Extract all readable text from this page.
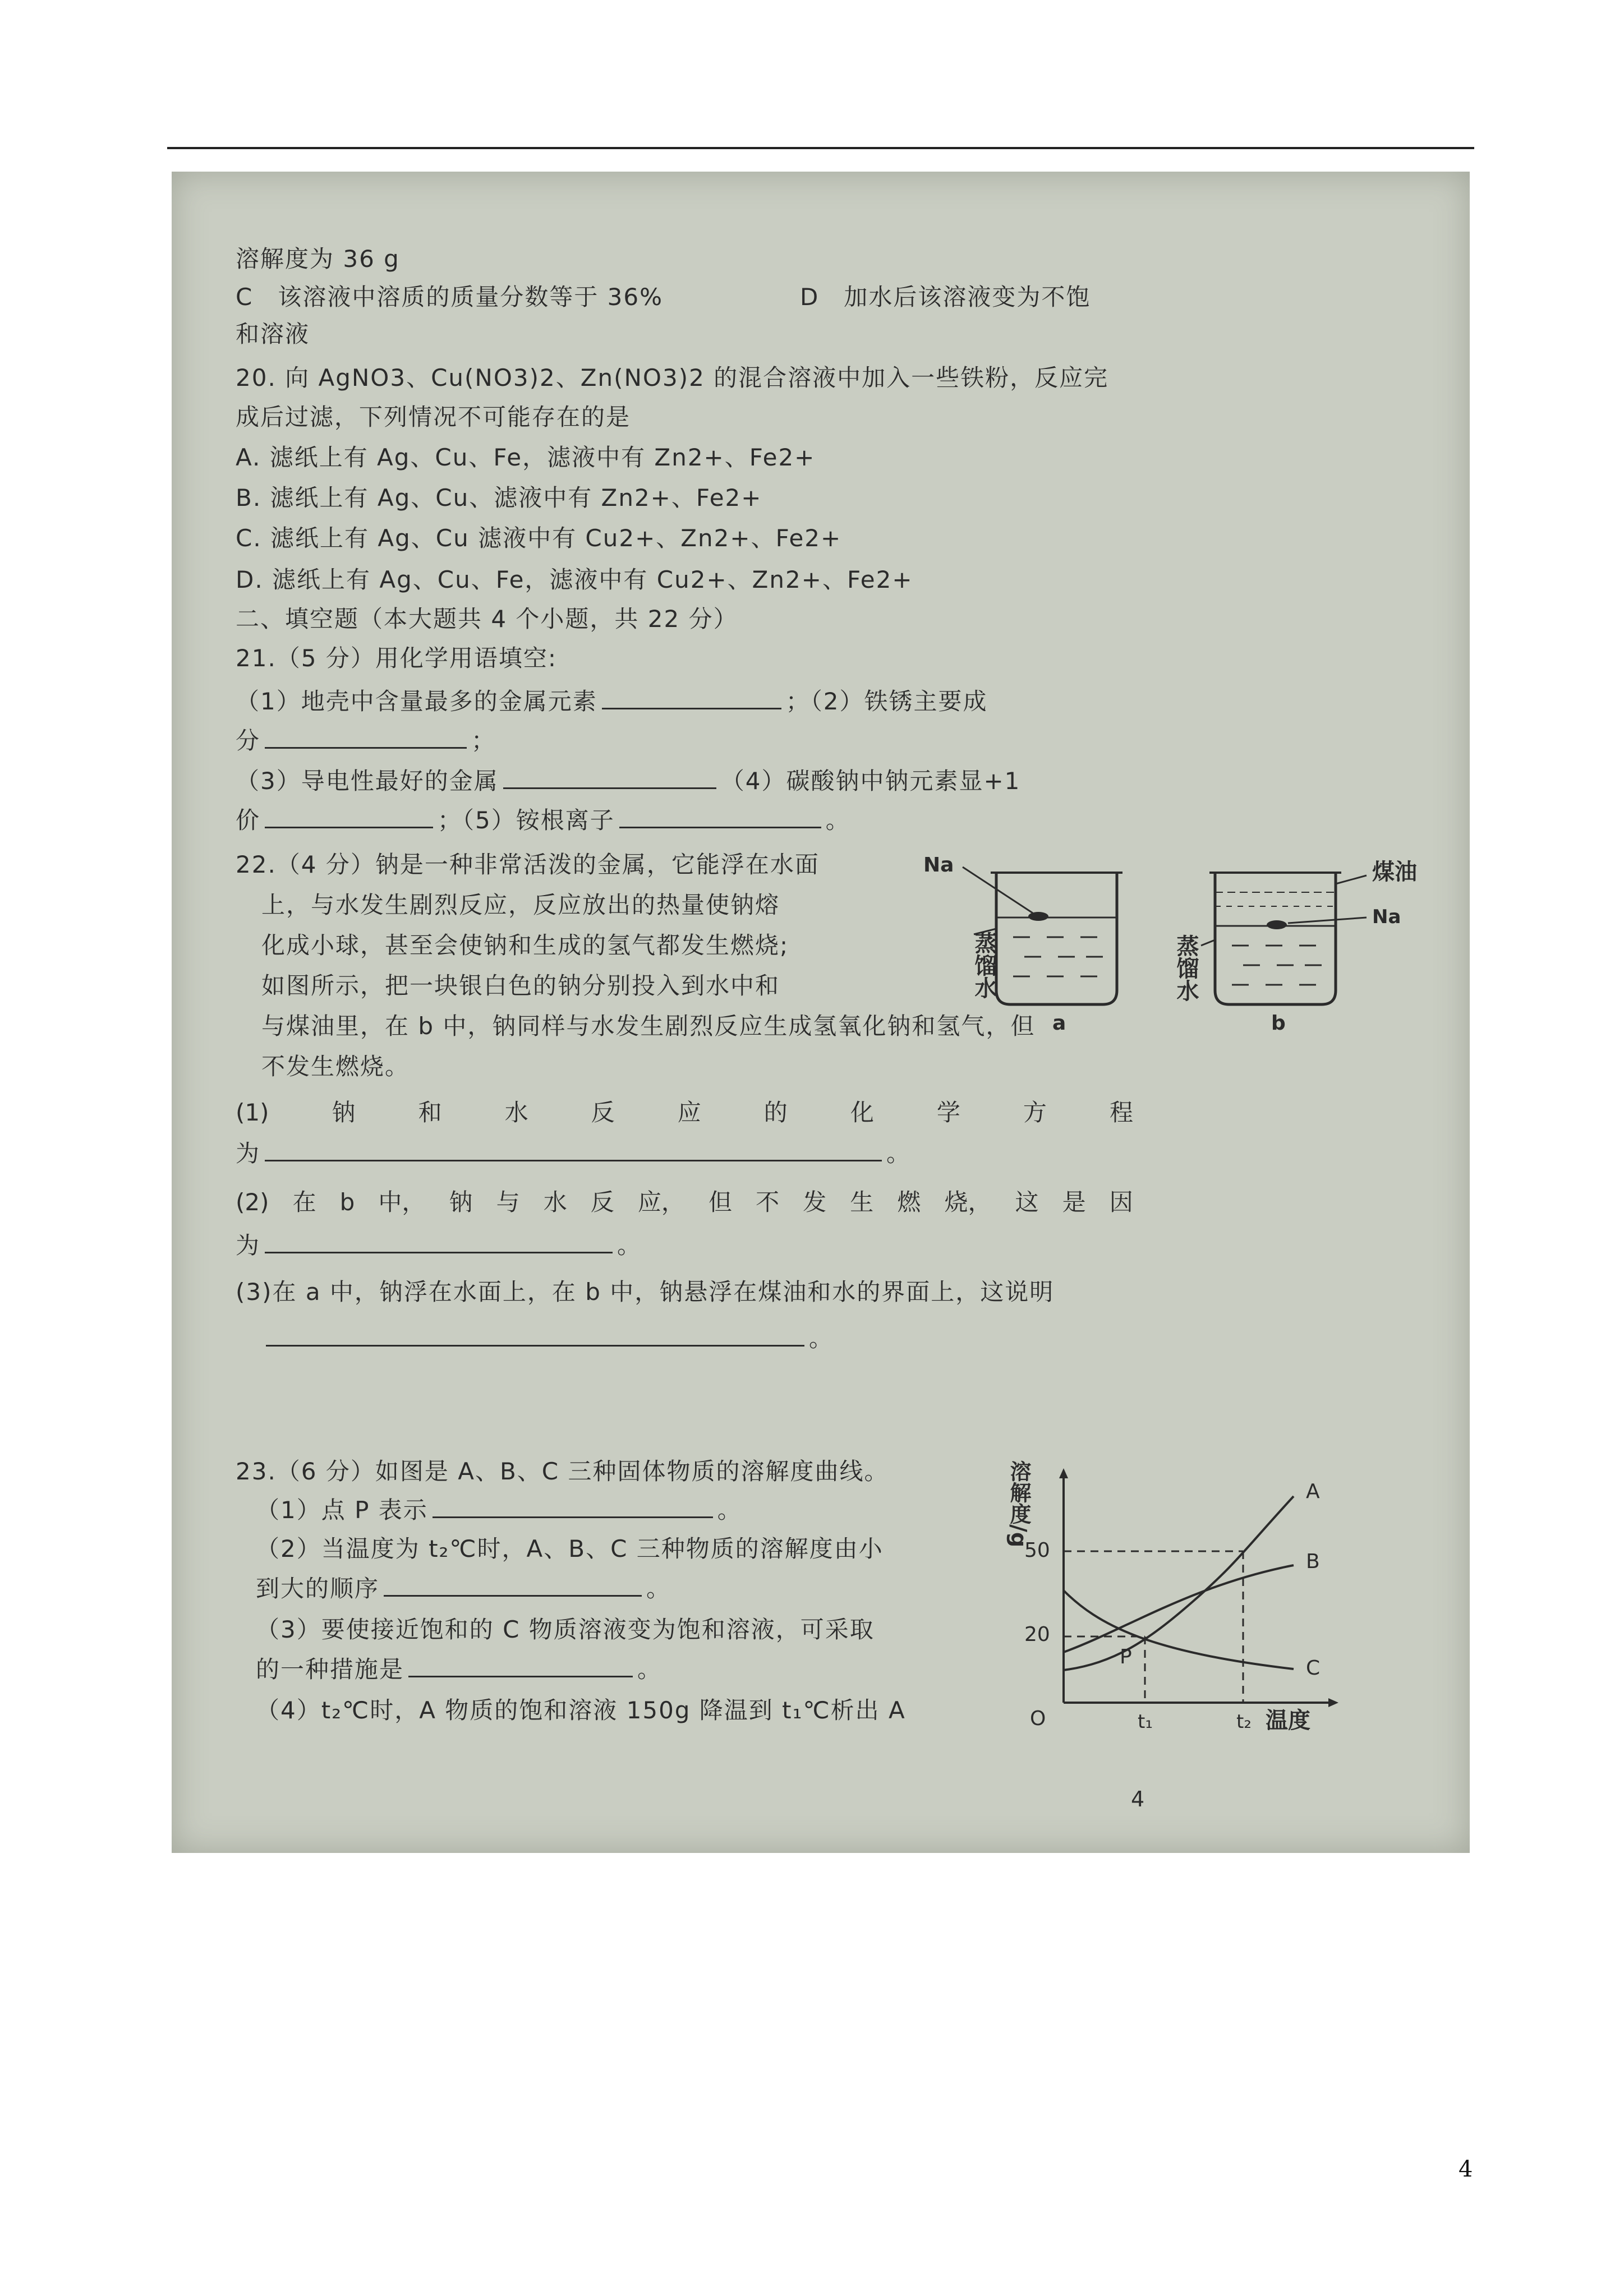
溶解度为 36 g
C　该溶液中溶质的质量分数等于 36%	D　加水后该溶液变为不饱
和溶液
20. 向 AgNO3、Cu(NO3)2、Zn(NO3)2 的混合溶液中加入一些铁粉，反应完
成后过滤，下列情况不可能存在的是
A. 滤纸上有 Ag、Cu、Fe，滤液中有 Zn2+、Fe2+
B. 滤纸上有 Ag、Cu、滤液中有 Zn2+、Fe2+
C. 滤纸上有 Ag、Cu 滤液中有 Cu2+、Zn2+、Fe2+
D. 滤纸上有 Ag、Cu、Fe，滤液中有 Cu2+、Zn2+、Fe2+
二、填空题（本大题共 4 个小题，共 22 分）
21.（5 分）用化学用语填空:
（1）地壳中含量最多的金属元素	；（2）铁锈主要成
分	；
（3）导电性最好的金属	（4）碳酸钠中钠元素显+1
价	；（5）铵根离子	。
22.（4 分）钠是一种非常活泼的金属，它能浮在水面
上，与水发生剧烈反应，反应放出的热量使钠熔
化成小球，甚至会使钠和生成的氢气都发生燃烧;
如图所示，把一块银白色的钠分别投入到水中和
与煤油里，在 b 中，钠同样与水发生剧烈反应生成氢氧化钠和氢气，但
不发生燃烧。
(1)	钠	和	水	反	应	的	化	学	方	程
为	。
(2) 在 b 中， 钠 与 水 反 应， 但 不 发 生 燃 烧， 这 是 因
为	。
(3)在 a 中，钠浮在水面上，在 b 中，钠悬浮在煤油和水的界面上，这说明
。
23.（6 分）如图是 A、B、C 三种固体物质的溶解度曲线。
（1）点 P 表示	。
（2）当温度为 t₂℃时，A、B、C 三种物质的溶解度由小
到大的顺序	。
（3）要使接近饱和的 C 物质溶液变为饱和溶液，可采取
的一种措施是	。
（4）t₂℃时，A 物质的饱和溶液 150g 降温到 t₁℃析出 A
Na
蒸馏水
a
煤油
Na
蒸馏水
b
溶解度/g
50
20
O	t₁	t₂ 温度
P
A
B
C
4
4
